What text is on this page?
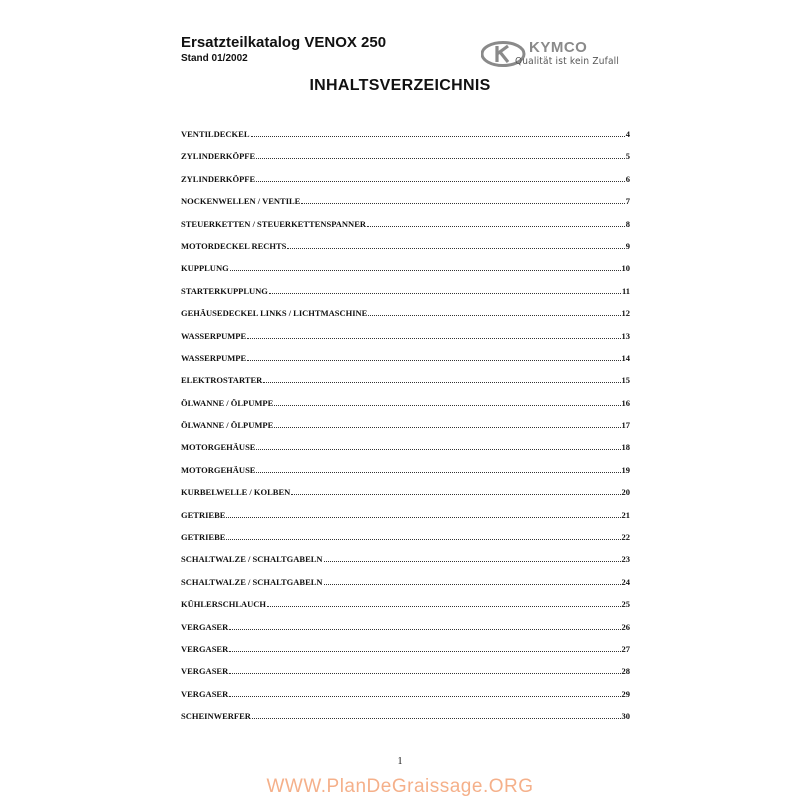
Ersatzteilkatalog VENOX 250
Stand 01/2002
KYMCO
Qualität ist kein Zufall
INHALTSVERZEICHNIS
VENTILDECKEL	4
ZYLINDERKÖPFE	5
ZYLINDERKÖPFE	6
NOCKENWELLEN / VENTILE	7
STEUERKETTEN / STEUERKETTENSPANNER	8
MOTORDECKEL RECHTS	9
KUPPLUNG	10
STARTERKUPPLUNG	11
GEHÄUSEDECKEL LINKS / LICHTMASCHINE	12
WASSERPUMPE	13
WASSERPUMPE	14
ELEKTROSTARTER	15
ÖLWANNE / ÖLPUMPE	16
ÖLWANNE / ÖLPUMPE	17
MOTORGEHÄUSE	18
MOTORGEHÄUSE	19
KURBELWELLE / KOLBEN	20
GETRIEBE	21
GETRIEBE	22
SCHALTWALZE / SCHALTGABELN	23
SCHALTWALZE / SCHALTGABELN	24
KÜHLERSCHLAUCH	25
VERGASER	26
VERGASER	27
VERGASER	28
VERGASER	29
SCHEINWERFER	30
1
WWW.PlanDeGraissage.ORG
